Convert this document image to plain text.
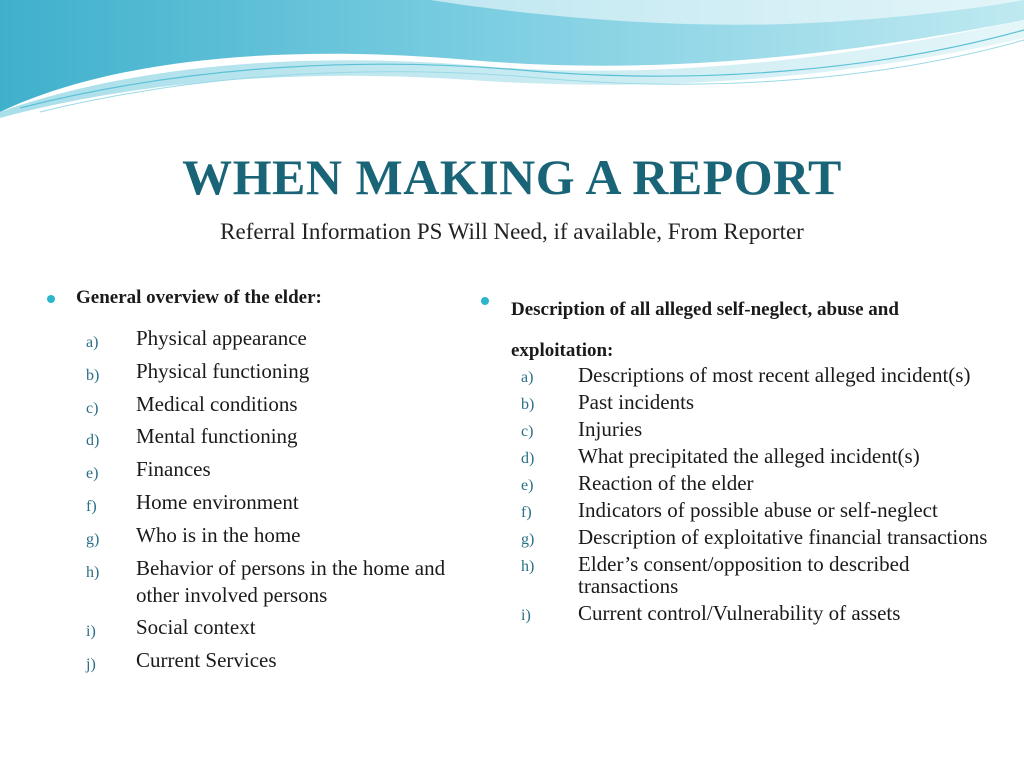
WHEN MAKING A REPORT
Referral Information PS Will Need, if available, From Reporter
General overview of the elder:
a) Physical appearance
b) Physical functioning
c) Medical conditions
d) Mental functioning
e) Finances
f) Home environment
g) Who is in the home
h) Behavior of persons in the home and other involved persons
i) Social context
j) Current Services
Description of all alleged self-neglect, abuse and exploitation:
a) Descriptions of most recent alleged incident(s)
b) Past incidents
c) Injuries
d) What precipitated the alleged incident(s)
e) Reaction of the elder
f) Indicators of possible abuse or self-neglect
g) Description of exploitative financial transactions
h) Elder’s consent/opposition to described transactions
i) Current control/Vulnerability of assets
